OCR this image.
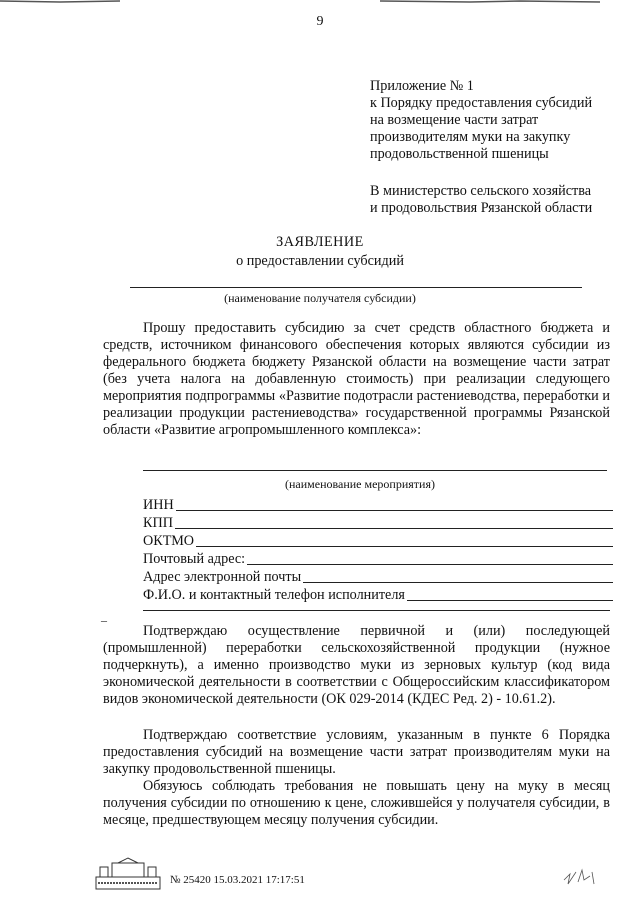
9
Приложение № 1
к Порядку предоставления субсидий
на возмещение части затрат
производителям муки на закупку
продовольственной пшеницы
В министерство сельского хозяйства
и продовольствия Рязанской области
ЗАЯВЛЕНИЕ
о предоставлении субсидий
(наименование получателя субсидии)
Прошу предоставить субсидию за счет средств областного бюджета и средств, источником финансового обеспечения которых являются субсидии из федерального бюджета бюджету Рязанской области на возмещение части затрат (без учета налога на добавленную стоимость) при реализации следующего мероприятия подпрограммы «Развитие подотрасли растениеводства, переработки и реализации продукции растениеводства» государственной программы Рязанской области «Развитие агропромышленного комплекса»:
(наименование мероприятия)
ИНН
КПП
ОКТМО
Почтовый адрес:
Адрес электронной почты
Ф.И.О. и контактный телефон исполнителя
–
Подтверждаю осуществление первичной и (или) последующей (промышленной) переработки сельскохозяйственной продукции (нужное подчеркнуть), а именно производство муки из зерновых культур (код вида экономической деятельности в соответствии с Общероссийским классификатором видов экономической деятельности (ОК 029-2014 (КДЕС Ред. 2) - 10.61.2).
Подтверждаю соответствие условиям, указанным в пункте 6 Порядка предоставления субсидий на возмещение части затрат производителям муки на закупку продовольственной пшеницы.
Обязуюсь соблюдать требования не повышать цену на муку в месяц получения субсидии по отношению к цене, сложившейся у получателя субсидии, в месяце, предшествующем месяцу получения субсидии.
№ 25420 15.03.2021 17:17:51
